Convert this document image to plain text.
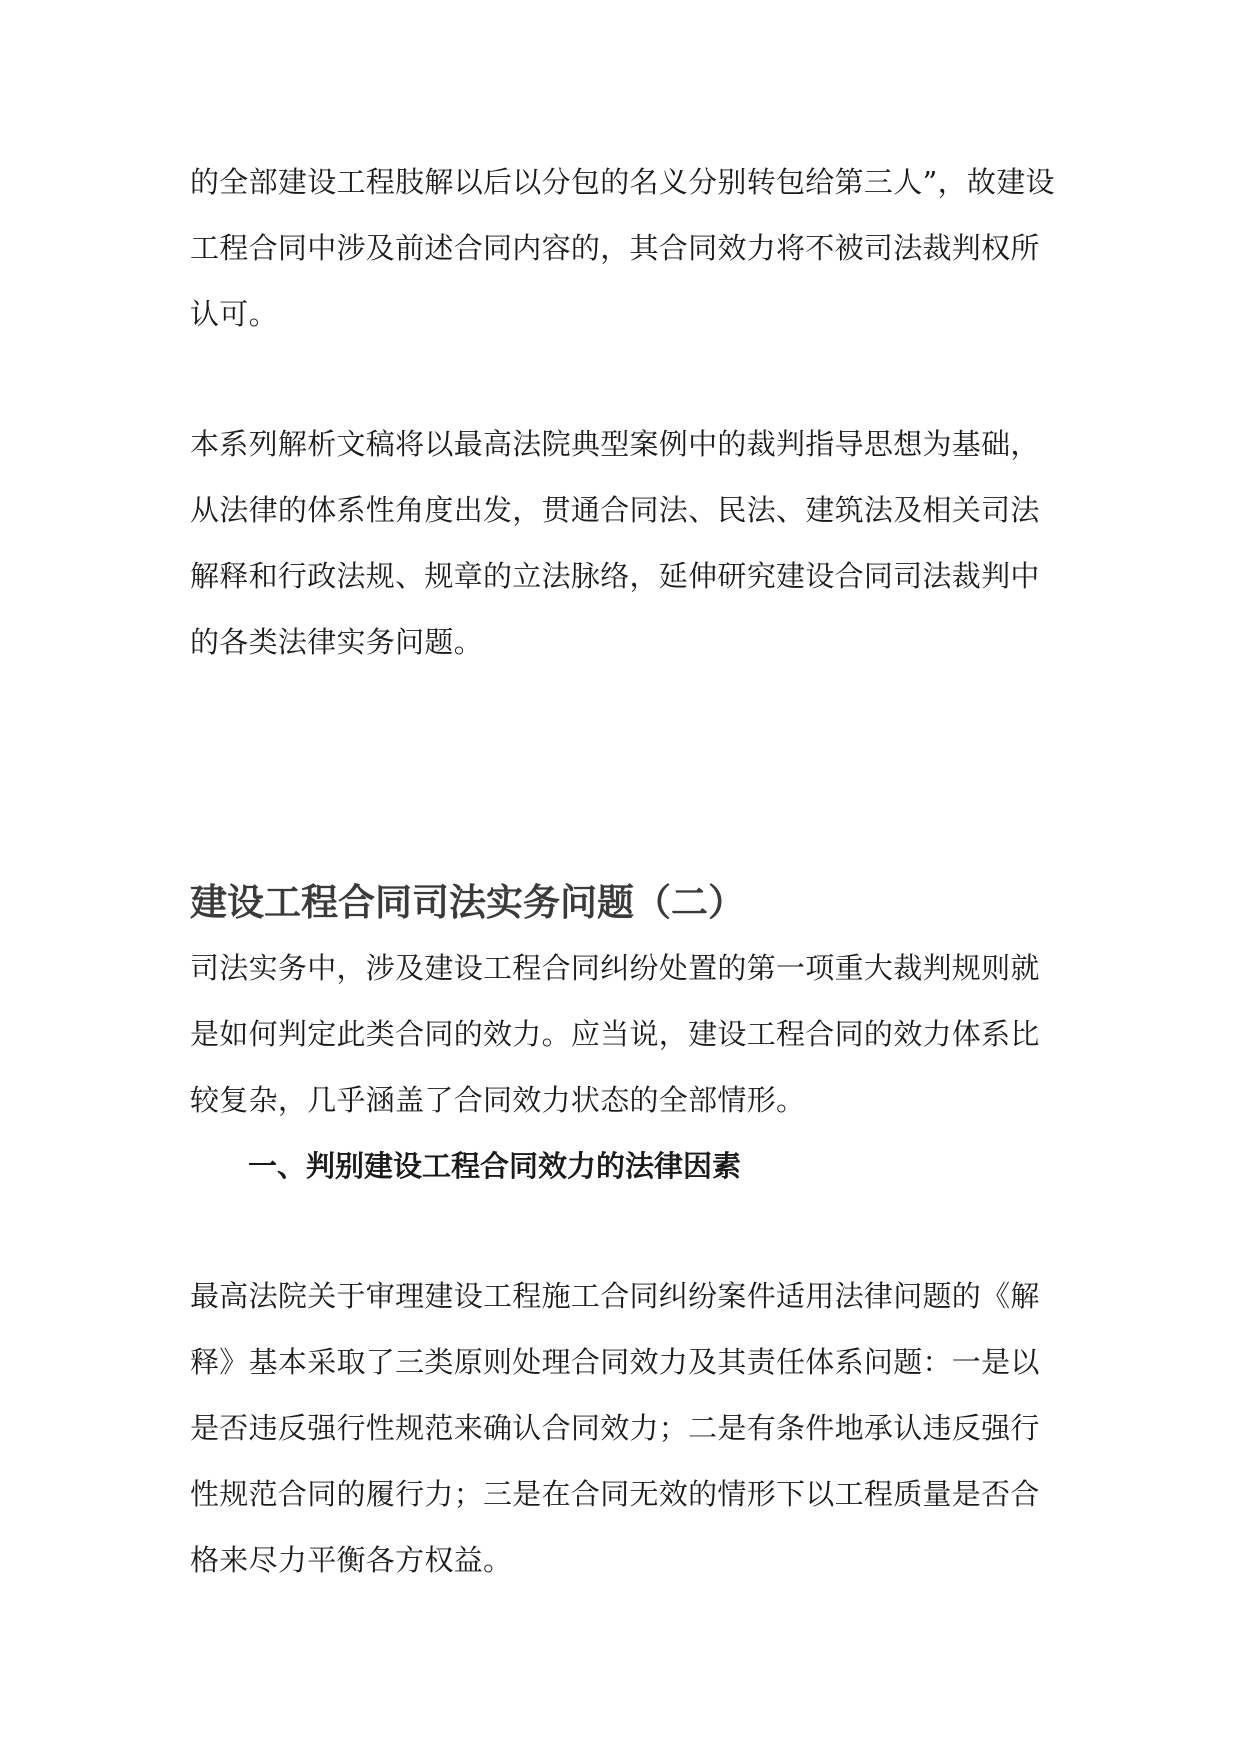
的全部建设工程肢解以后以分包的名义分别转包给第三人”，故建设
工程合同中涉及前述合同内容的，其合同效力将不被司法裁判权所
认可。
本系列解析文稿将以最高法院典型案例中的裁判指导思想为基础，
从法律的体系性角度出发，贯通合同法、民法、建筑法及相关司法
解释和行政法规、规章的立法脉络，延伸研究建设合同司法裁判中
的各类法律实务问题。
建设工程合同司法实务问题（二）
司法实务中，涉及建设工程合同纠纷处置的第一项重大裁判规则就
是如何判定此类合同的效力。应当说，建设工程合同的效力体系比
较复杂，几乎涵盖了合同效力状态的全部情形。
一、判别建设工程合同效力的法律因素
最高法院关于审理建设工程施工合同纠纷案件适用法律问题的《解
释》基本采取了三类原则处理合同效力及其责任体系问题：一是以
是否违反强行性规范来确认合同效力；二是有条件地承认违反强行
性规范合同的履行力；三是在合同无效的情形下以工程质量是否合
格来尽力平衡各方权益。
